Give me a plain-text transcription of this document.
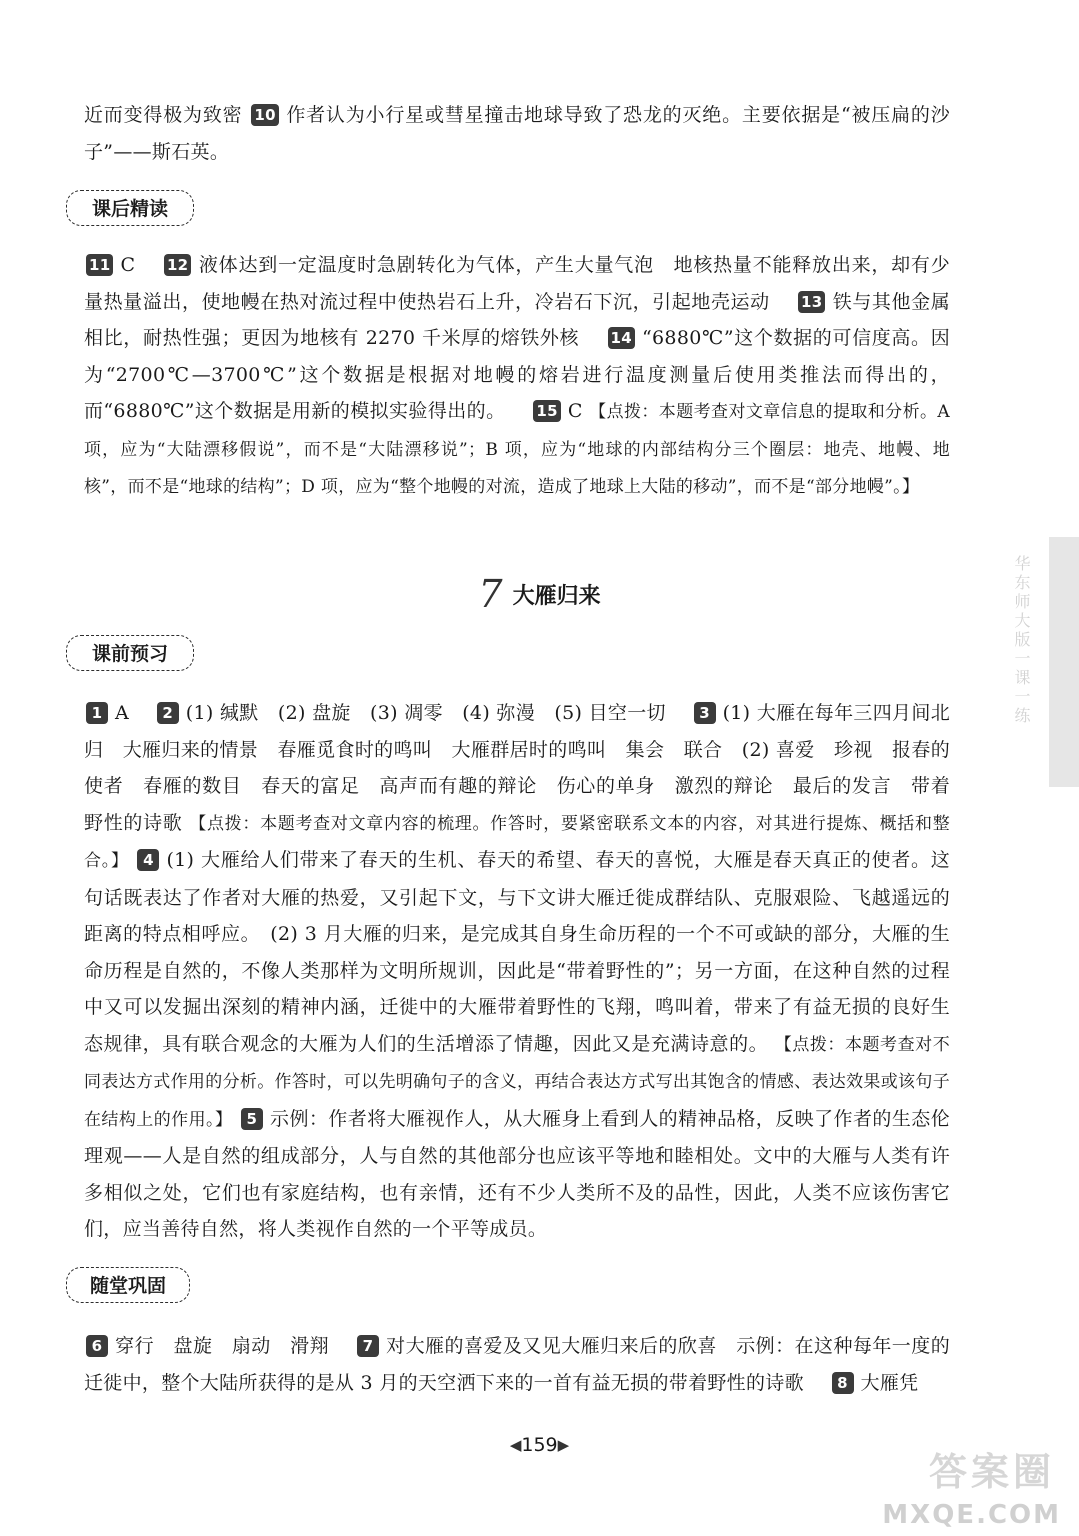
近而变得极为致密 10 作者认为小行星或彗星撞击地球导致了恐龙的灭绝。主要依据是“被压扁的沙子”——斯石英。
课后精读
11 C 　 12 液体达到一定温度时急剧转化为气体，产生大量气泡　地核热量不能释放出来，却有少量热量溢出，使地幔在热对流过程中使热岩石上升，冷岩石下沉，引起地壳运动 　 13 铁与其他金属相比，耐热性强；更因为地核有 2270 千米厚的熔铁外核 　 14 “6880℃”这个数据的可信度高。因为“2700℃—3700℃”这个数据是根据对地幔的熔岩进行温度测量后使用类推法而得出的，而“6880℃”这个数据是用新的模拟实验得出的。 　 15 C 【点拨：本题考查对文章信息的提取和分析。A 项，应为“大陆漂移假说”，而不是“大陆漂移说”；B 项，应为“地球的内部结构分三个圈层：地壳、地幔、地核”，而不是“地球的结构”；D 项，应为“整个地幔的对流，造成了地球上大陆的移动”，而不是“部分地幔”。】
7 大雁归来
课前预习
1 A 　 2 (1) 缄默　(2) 盘旋　(3) 凋零　(4) 弥漫　(5) 目空一切 　 3 (1) 大雁在每年三四月间北归　大雁归来的情景　春雁觅食时的鸣叫　大雁群居时的鸣叫　集会　联合　(2) 喜爱　珍视　报春的使者　春雁的数目　春天的富足　高声而有趣的辩论　伤心的单身　激烈的辩论　最后的发言　带着野性的诗歌 【点拨：本题考查对文章内容的梳理。作答时，要紧密联系文本的内容，对其进行提炼、概括和整合。】 4 (1) 大雁给人们带来了春天的生机、春天的希望、春天的喜悦，大雁是春天真正的使者。这句话既表达了作者对大雁的热爱，又引起下文，与下文讲大雁迁徙成群结队、克服艰险、飞越遥远的距离的特点相呼应。　(2) 3 月大雁的归来，是完成其自身生命历程的一个不可或缺的部分，大雁的生命历程是自然的，不像人类那样为文明所规训，因此是“带着野性的”；另一方面，在这种自然的过程中又可以发掘出深刻的精神内涵，迁徙中的大雁带着野性的飞翔，鸣叫着，带来了有益无损的良好生态规律，具有联合观念的大雁为人们的生活增添了情趣，因此又是充满诗意的。 【点拨：本题考查对不同表达方式作用的分析。作答时，可以先明确句子的含义，再结合表达方式写出其饱含的情感、表达效果或该句子在结构上的作用。】 5 示例：作者将大雁视作人，从大雁身上看到人的精神品格，反映了作者的生态伦理观——人是自然的组成部分，人与自然的其他部分也应该平等地和睦相处。文中的大雁与人类有许多相似之处，它们也有家庭结构，也有亲情，还有不少人类所不及的品性，因此，人类不应该伤害它们，应当善待自然，将人类视作自然的一个平等成员。
随堂巩固
6 穿行　盘旋　扇动　滑翔 　 7 对大雁的喜爱及又见大雁归来后的欣喜　示例：在这种每年一度的迁徙中，整个大陆所获得的是从 3 月的天空洒下来的一首有益无损的带着野性的诗歌 　 8 大雁凭
华东师大版一课一练
◀159▶
答案圈
MXQE.COM
